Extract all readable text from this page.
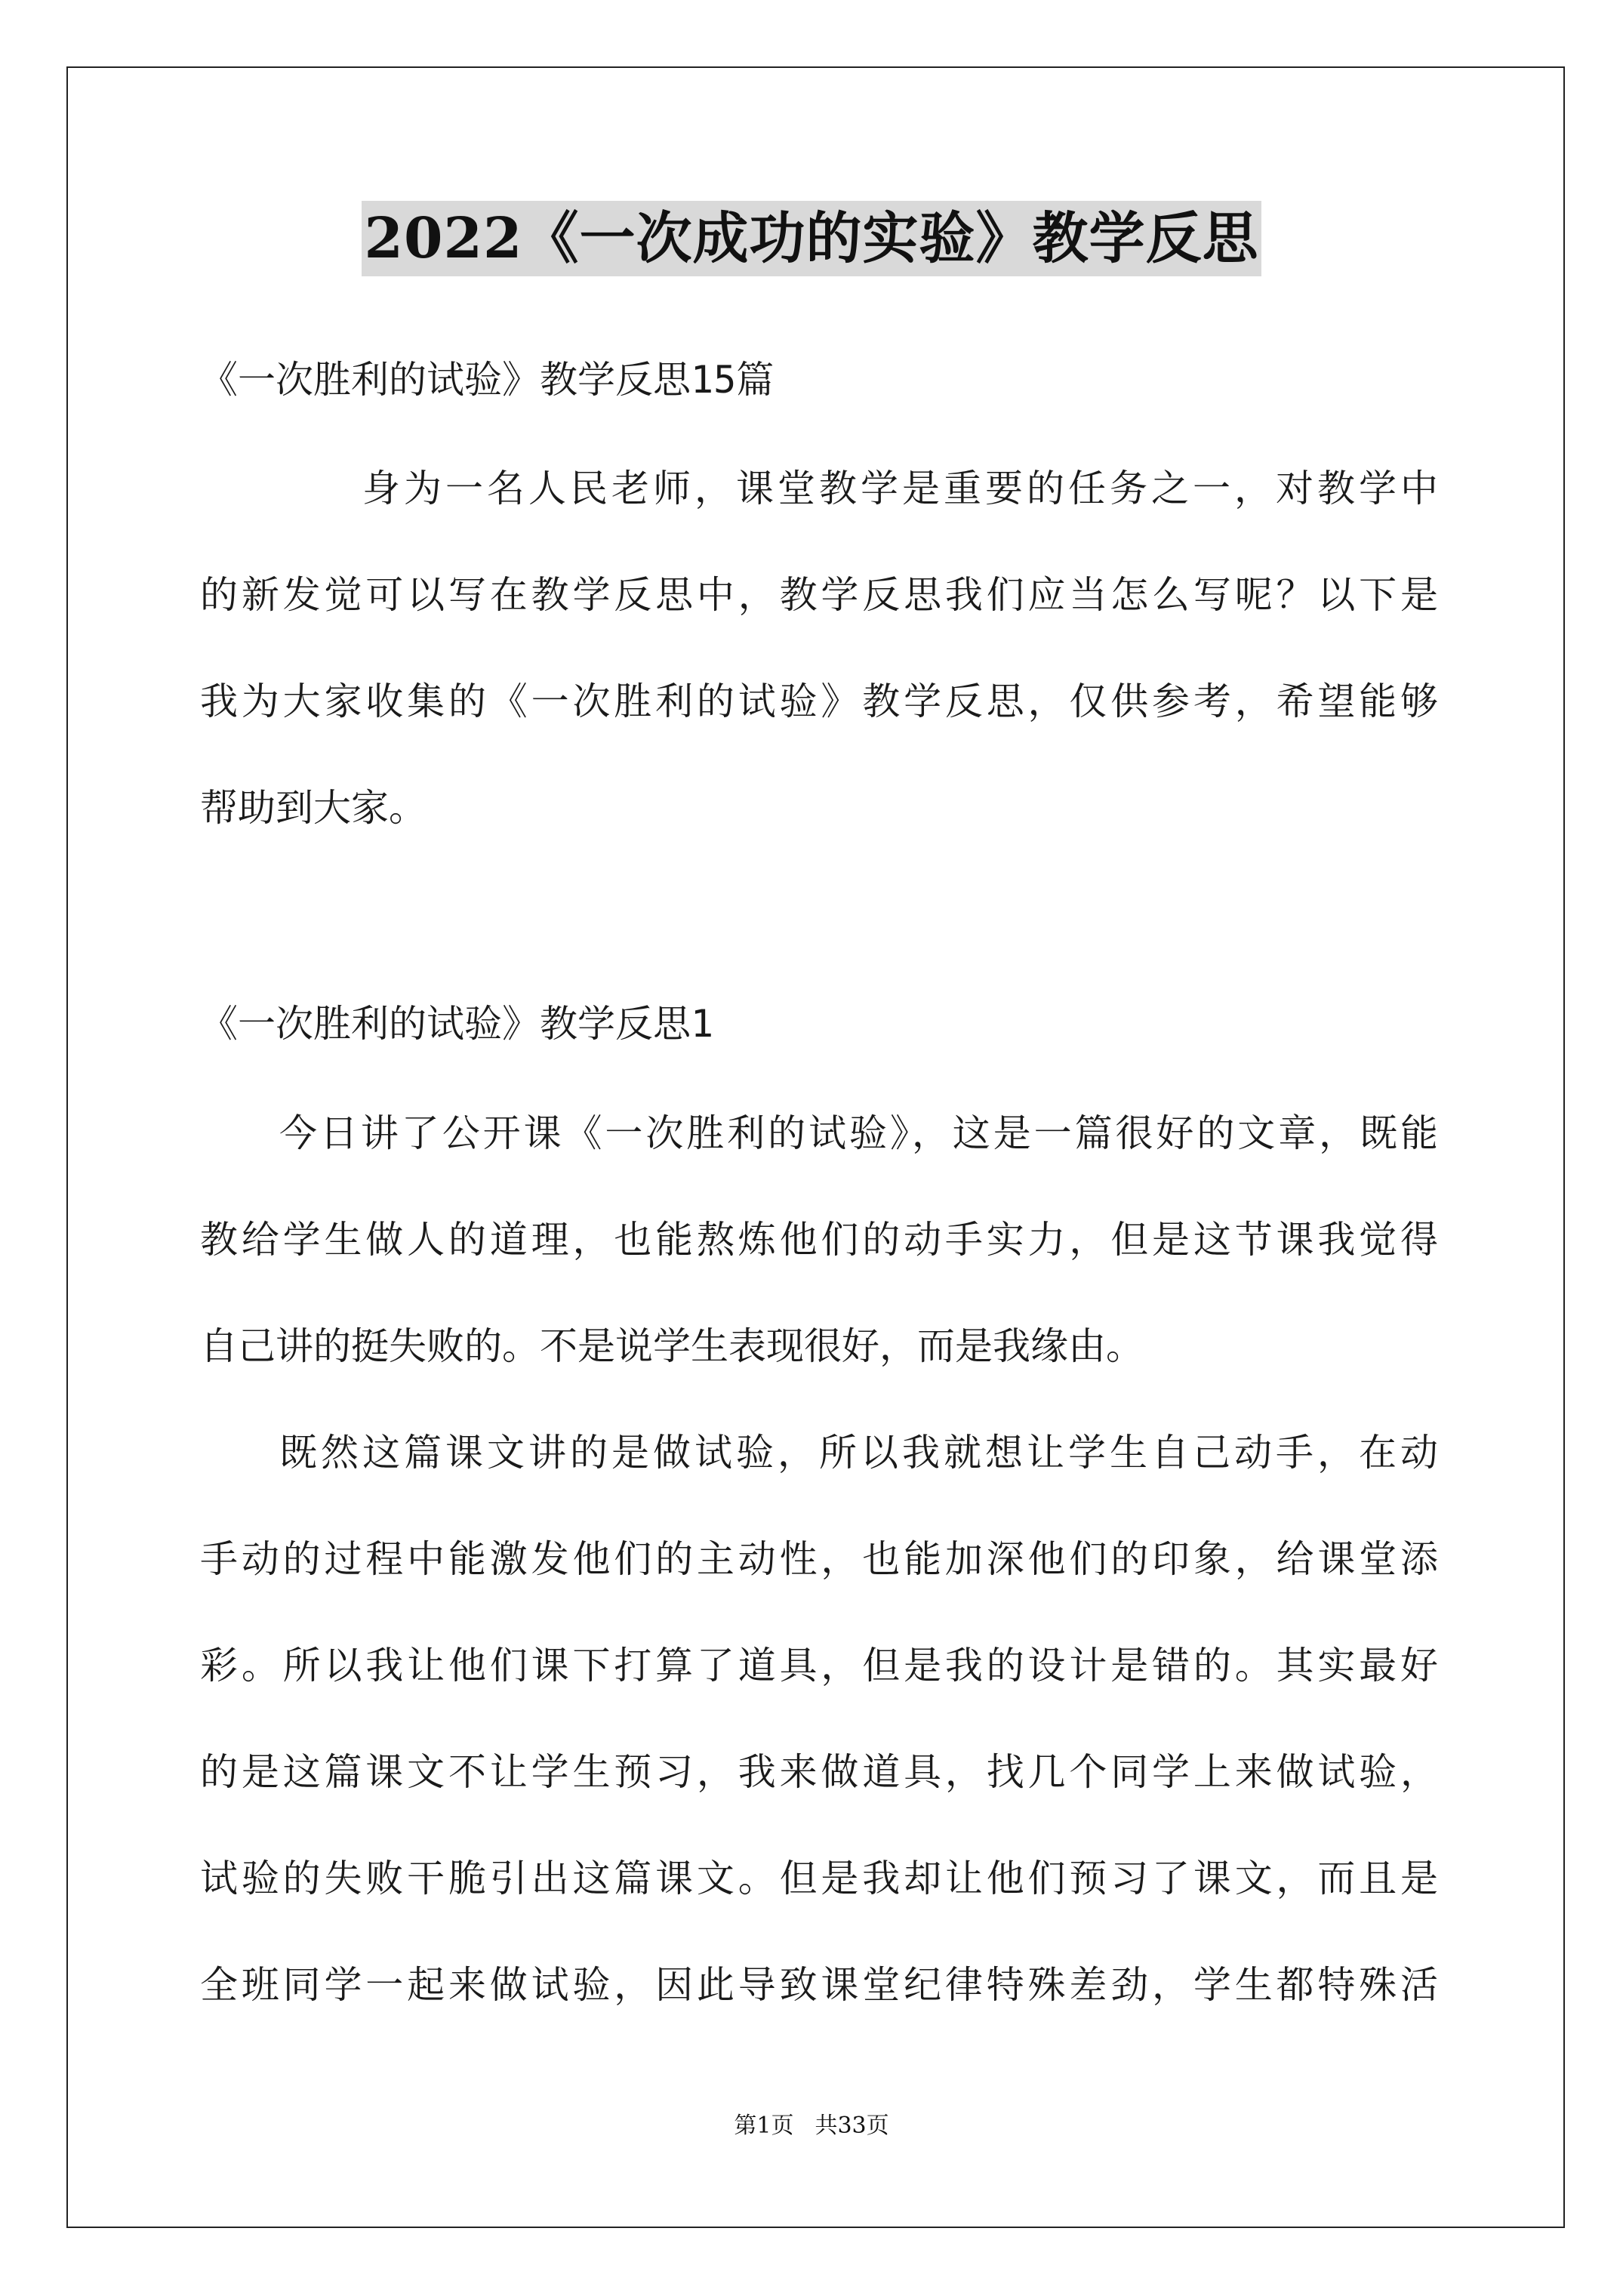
2022《一次成功的实验》教学反思
《一次胜利的试验》教学反思15篇
身为一名人民老师，课堂教学是重要的任务之一，对教学中
的新发觉可以写在教学反思中，教学反思我们应当怎么写呢？以下是
我为大家收集的《一次胜利的试验》教学反思，仅供参考，希望能够
帮助到大家。
《一次胜利的试验》教学反思1
今日讲了公开课《一次胜利的试验》，这是一篇很好的文章，既能
教给学生做人的道理，也能熬炼他们的动手实力，但是这节课我觉得
自己讲的挺失败的。不是说学生表现很好，而是我缘由。
既然这篇课文讲的是做试验，所以我就想让学生自己动手，在动
手动的过程中能激发他们的主动性，也能加深他们的印象，给课堂添
彩。所以我让他们课下打算了道具，但是我的设计是错的。其实最好
的是这篇课文不让学生预习，我来做道具，找几个同学上来做试验，
试验的失败干脆引出这篇课文。但是我却让他们预习了课文，而且是
全班同学一起来做试验，因此导致课堂纪律特殊差劲，学生都特殊活
第1页 共33页
